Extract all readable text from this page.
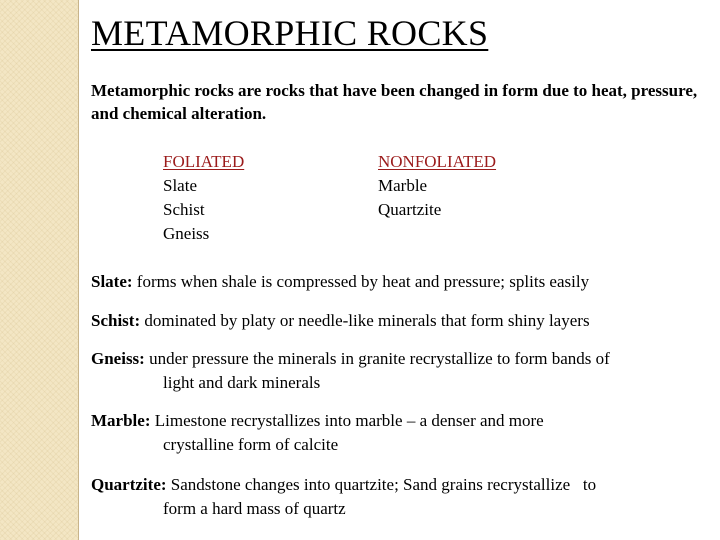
METAMORPHIC ROCKS
Metamorphic rocks are rocks that have been changed in form due to heat, pressure, and chemical alteration.
FOLIATED
Slate
Schist
Gneiss
NONFOLIATED
Marble
Quartzite
Slate: forms when shale is compressed by heat and pressure; splits easily
Schist: dominated by platy or needle-like minerals that form shiny layers
Gneiss: under pressure the minerals in granite recrystallize to form bands of
light and dark minerals
Marble: Limestone recrystallizes into marble – a denser and more
crystalline form of calcite
Quartzite: Sandstone changes into quartzite; Sand grains recrystallize   to
form a hard mass of quartz
